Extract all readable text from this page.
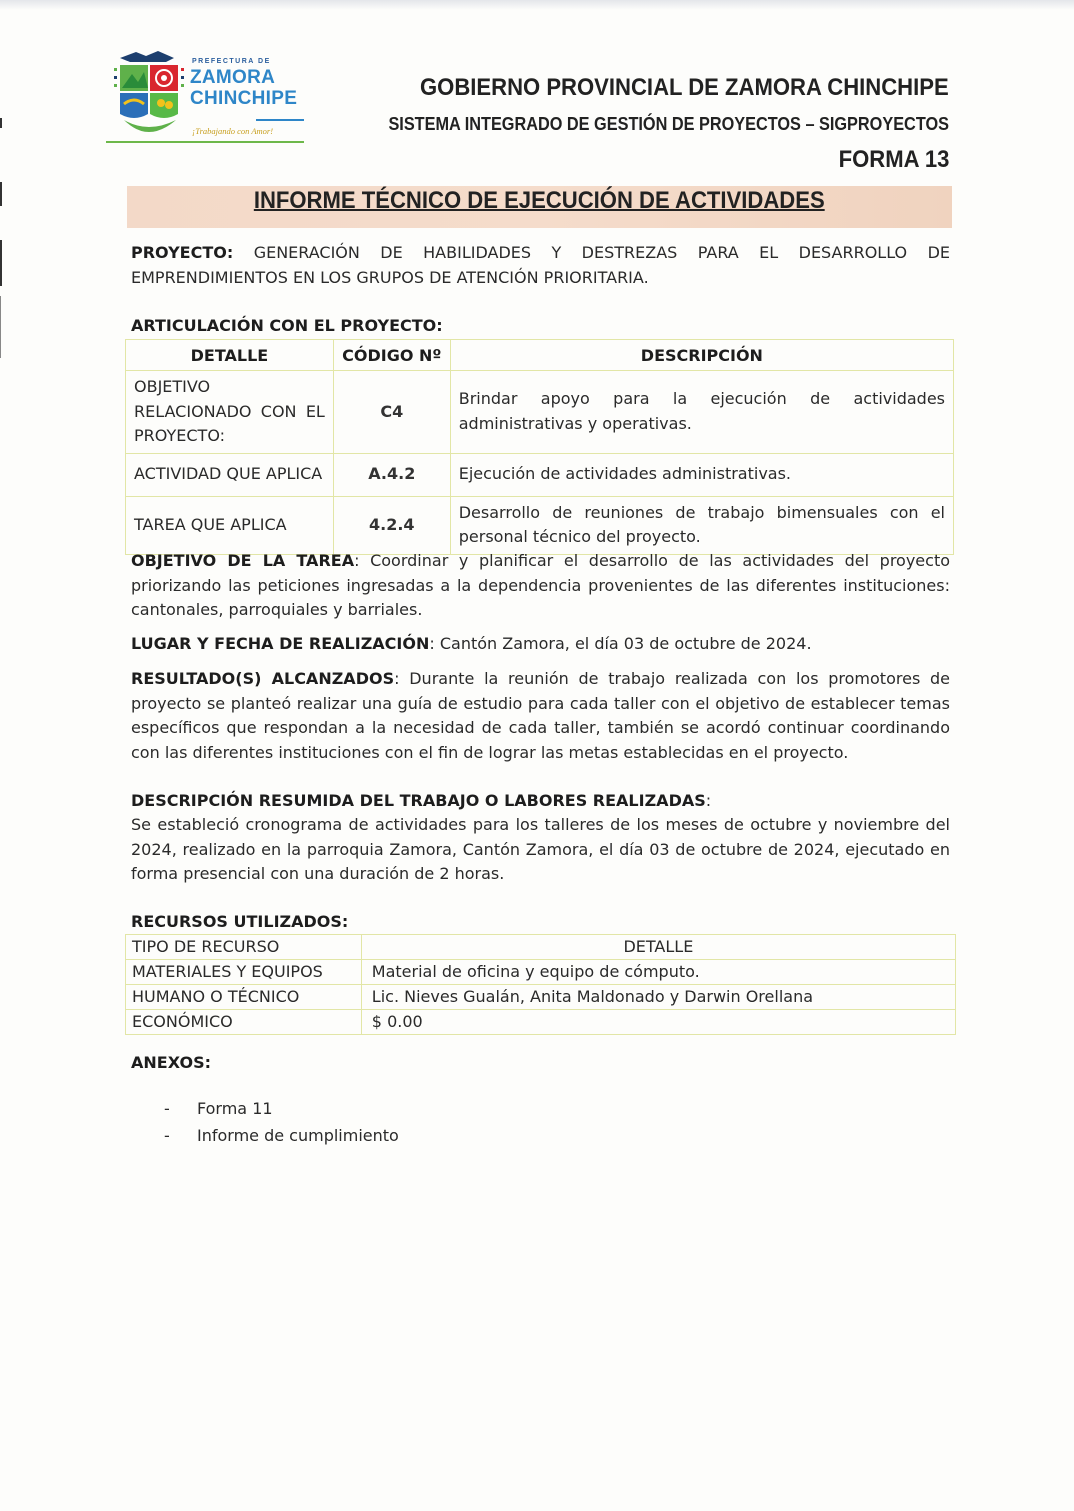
PREFECTURA DE
ZAMORA
CHINCHIPE
¡Trabajando con Amor!
GOBIERNO PROVINCIAL DE ZAMORA CHINCHIPE
SISTEMA INTEGRADO DE GESTIÓN DE PROYECTOS – SIGPROYECTOS
FORMA 13
INFORME TÉCNICO DE EJECUCIÓN DE ACTIVIDADES
PROYECTO: GENERACIÓN DE HABILIDADES Y DESTREZAS PARA EL DESARROLLO DE EMPRENDIMIENTOS EN LOS GRUPOS DE ATENCIÓN PRIORITARIA.
ARTICULACIÓN CON EL PROYECTO:
DETALLE	CÓDIGO Nº	DESCRIPCIÓN
OBJETIVO RELACIONADO CON EL PROYECTO:	C4	Brindar apoyo para la ejecución de actividades administrativas y operativas.
ACTIVIDAD QUE APLICA	A.4.2	Ejecución de actividades administrativas.
TAREA QUE APLICA	4.2.4	Desarrollo de reuniones de trabajo bimensuales con el personal técnico del proyecto.
OBJETIVO DE LA TAREA: Coordinar y planificar el desarrollo de las actividades del proyecto priorizando las peticiones ingresadas a la dependencia provenientes de las diferentes instituciones: cantonales, parroquiales y barriales.
LUGAR Y FECHA DE REALIZACIÓN: Cantón Zamora, el día 03 de octubre de 2024.
RESULTADO(S) ALCANZADOS: Durante la reunión de trabajo realizada con los promotores de proyecto se planteó realizar una guía de estudio para cada taller con el objetivo de establecer temas específicos que respondan a la necesidad de cada taller, también se acordó continuar coordinando con las diferentes instituciones con el fin de lograr las metas establecidas en el proyecto.
DESCRIPCIÓN RESUMIDA DEL TRABAJO O LABORES REALIZADAS:
Se estableció cronograma de actividades para los talleres de los meses de octubre y noviembre del 2024, realizado en la parroquia Zamora, Cantón Zamora, el día 03 de octubre de 2024, ejecutado en forma presencial con una duración de 2 horas.
RECURSOS UTILIZADOS:
TIPO DE RECURSO	DETALLE
MATERIALES Y EQUIPOS	Material de oficina y equipo de cómputo.
HUMANO O TÉCNICO	Lic. Nieves Gualán, Anita Maldonado y Darwin Orellana
ECONÓMICO	$ 0.00
ANEXOS:
- Forma 11
- Informe de cumplimiento
